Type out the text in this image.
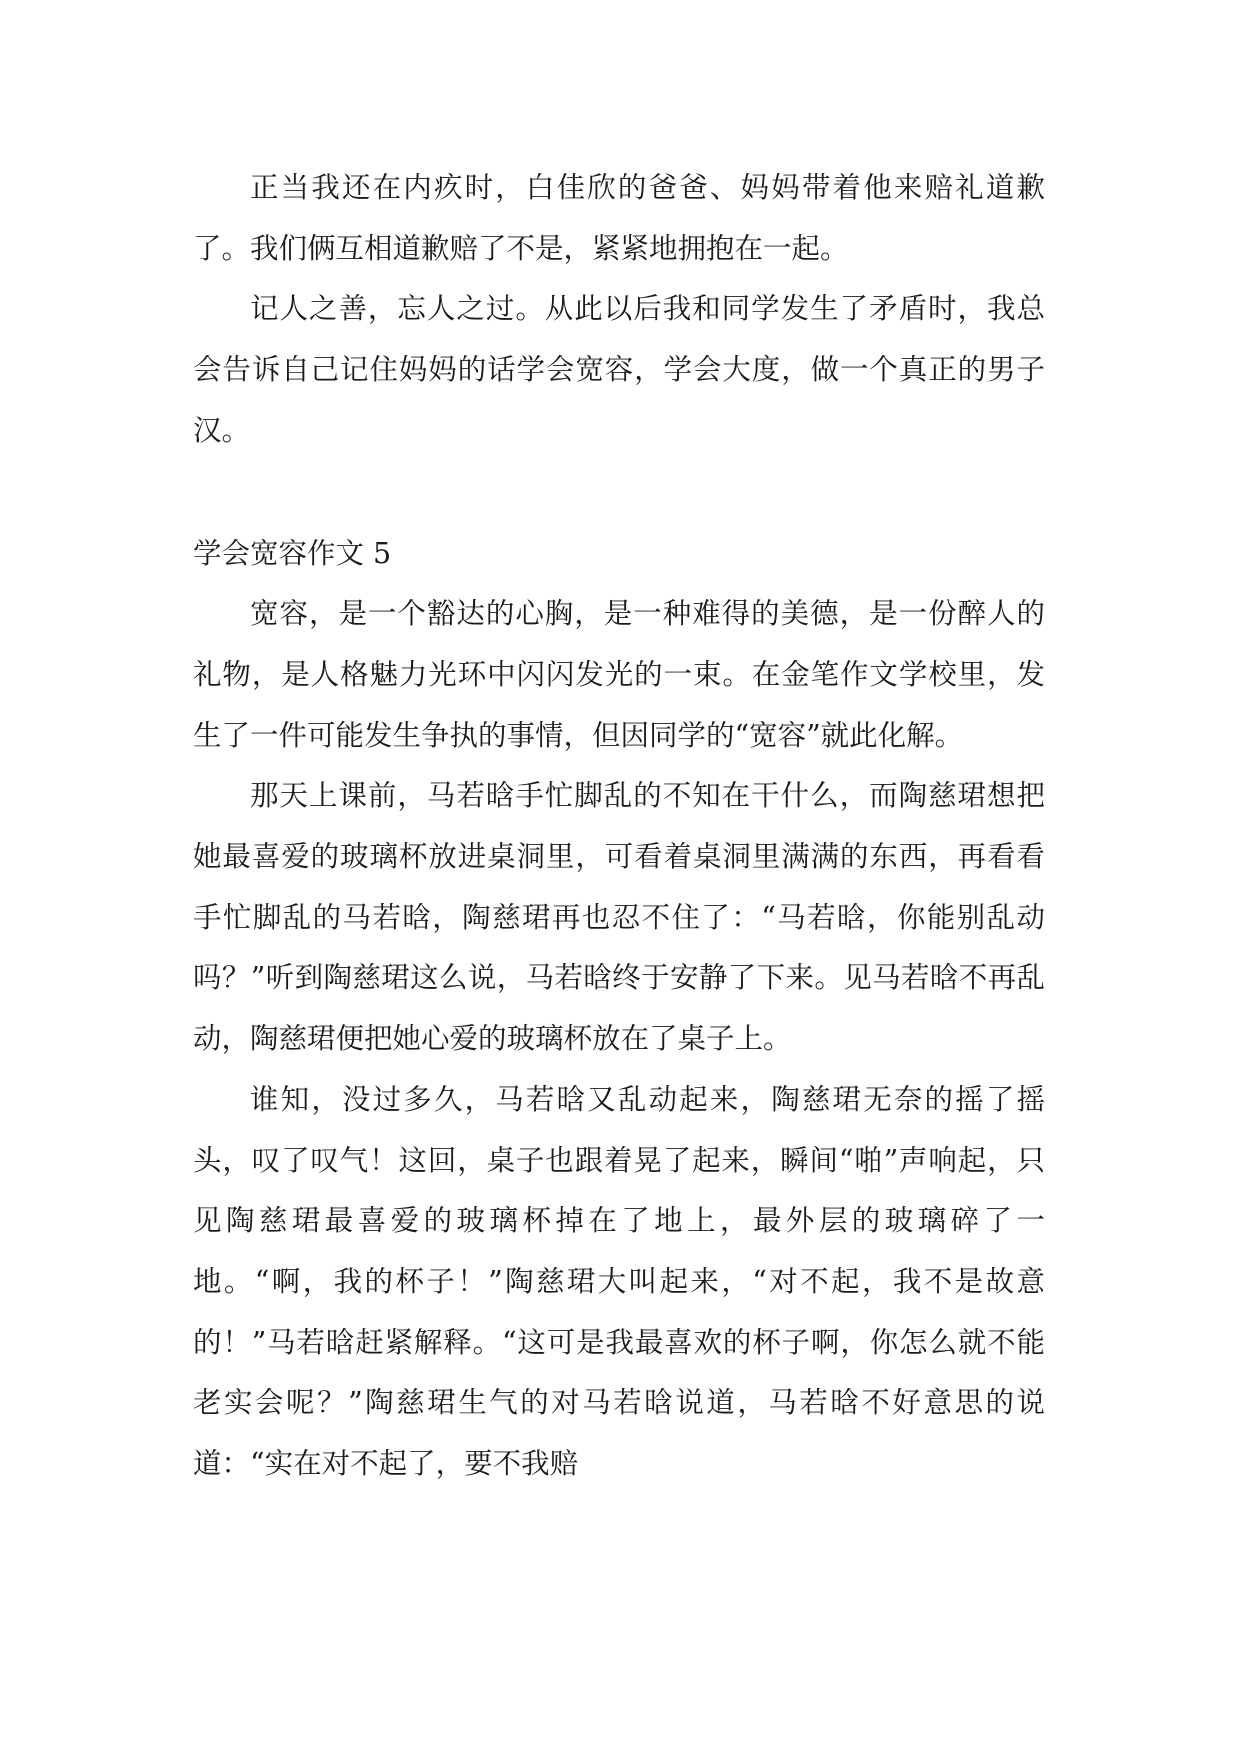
正当我还在内疚时，白佳欣的爸爸、妈妈带着他来赔礼道歉了。我们俩互相道歉赔了不是，紧紧地拥抱在一起。

记人之善，忘人之过。从此以后我和同学发生了矛盾时，我总会告诉自己记住妈妈的话学会宽容，学会大度，做一个真正的男子汉。

学会宽容作文 5

宽容，是一个豁达的心胸，是一种难得的美德，是一份醉人的礼物，是人格魅力光环中闪闪发光的一束。在金笔作文学校里，发生了一件可能发生争执的事情，但因同学的“宽容”就此化解。

那天上课前，马若晗手忙脚乱的不知在干什么，而陶慈珺想把她最喜爱的玻璃杯放进桌洞里，可看着桌洞里满满的东西，再看看手忙脚乱的马若晗，陶慈珺再也忍不住了：“马若晗，你能别乱动吗？”听到陶慈珺这么说，马若晗终于安静了下来。见马若晗不再乱动，陶慈珺便把她心爱的玻璃杯放在了桌子上。

谁知，没过多久，马若晗又乱动起来，陶慈珺无奈的摇了摇头，叹了叹气！这回，桌子也跟着晃了起来，瞬间“啪”声响起，只见陶慈珺最喜爱的玻璃杯掉在了地上，最外层的玻璃碎了一地。“啊，我的杯子！”陶慈珺大叫起来，“对不起，我不是故意的！”马若晗赶紧解释。“这可是我最喜欢的杯子啊，你怎么就不能老实会呢？”陶慈珺生气的对马若晗说道，马若晗不好意思的说道：“实在对不起了，要不我赔
